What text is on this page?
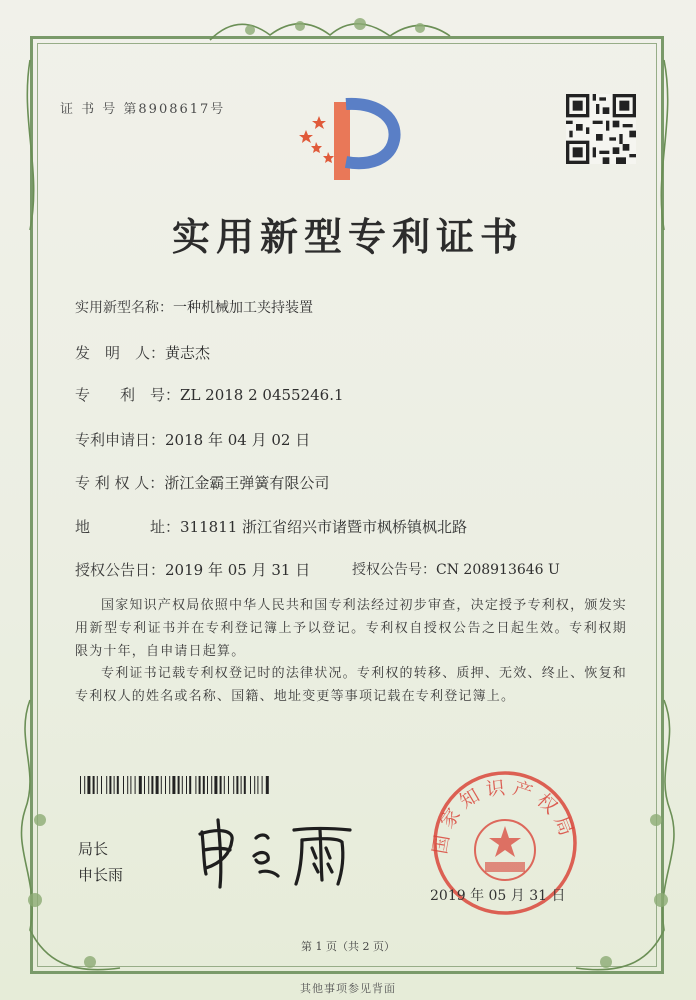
证 书 号 第8908617号
实用新型专利证书
实用新型名称：一种机械加工夹持装置
发　明　人：黄志杰
专　　利　号：ZL 2018 2 0455246.1
专利申请日：2018 年 04 月 02 日
专 利 权 人：浙江金霸王弹簧有限公司
地　　　　址：311811 浙江省绍兴市诸暨市枫桥镇枫北路
授权公告日：2019 年 05 月 31 日	授权公告号：CN 208913646 U
国家知识产权局依照中华人民共和国专利法经过初步审查，决定授予专利权，颁发实用新型专利证书并在专利登记簿上予以登记。专利权自授权公告之日起生效。专利权期限为十年，自申请日起算。
专利证书记载专利权登记时的法律状况。专利权的转移、质押、无效、终止、恢复和专利权人的姓名或名称、国籍、地址变更等事项记载在专利登记簿上。
局长
申长雨
国家知识产权局
2019 年 05 月 31 日
第 1 页（共 2 页）
其他事项参见背面
